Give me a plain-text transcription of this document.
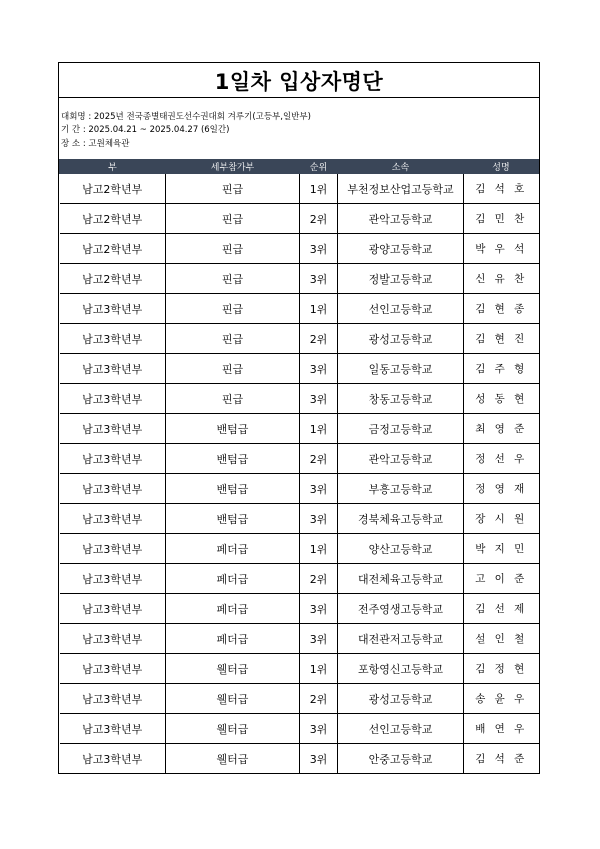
1일차 입상자명단
대회명 : 2025년 전국종별태권도선수권대회 겨루기(고등부,일반부)
기 간 : 2025.04.21 ~ 2025.04.27 (6일간)
장 소 : 고원체육관
부	세부참가부	순위	소속	성명
남고2학년부	핀급	1위	부천정보산업고등학교	김 석 호
남고2학년부	핀급	2위	관악고등학교	김 민 찬
남고2학년부	핀급	3위	광양고등학교	박 우 석
남고2학년부	핀급	3위	정발고등학교	신 유 찬
남고3학년부	핀급	1위	선인고등학교	김 현 종
남고3학년부	핀급	2위	광성고등학교	김 현 진
남고3학년부	핀급	3위	일동고등학교	김 주 형
남고3학년부	핀급	3위	창동고등학교	성 동 현
남고3학년부	밴텀급	1위	금정고등학교	최 영 준
남고3학년부	밴텀급	2위	관악고등학교	정 선 우
남고3학년부	밴텀급	3위	부흥고등학교	정 영 재
남고3학년부	밴텀급	3위	경북체육고등학교	장 시 원
남고3학년부	페더급	1위	양산고등학교	박 지 민
남고3학년부	페더급	2위	대전체육고등학교	고 이 준
남고3학년부	페더급	3위	전주영생고등학교	김 선 제
남고3학년부	페더급	3위	대전관저고등학교	설 인 철
남고3학년부	웰터급	1위	포항영신고등학교	김 정 현
남고3학년부	웰터급	2위	광성고등학교	송 윤 우
남고3학년부	웰터급	3위	선인고등학교	배 연 우
남고3학년부	웰터급	3위	안중고등학교	김 석 준
